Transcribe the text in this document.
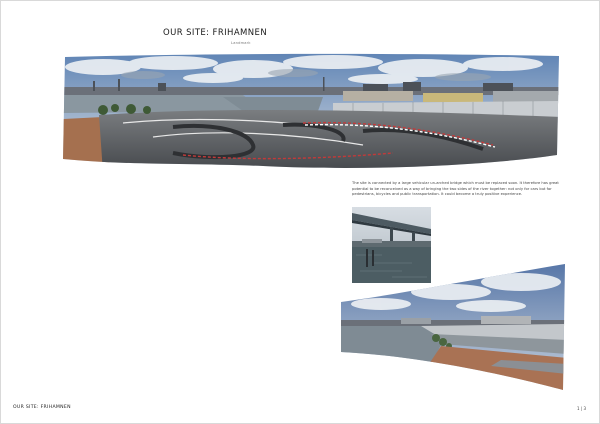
OUR SITE: FRIHAMNEN
Landmark
The site is connected by a large vehicular un-arched bridge which must be replaced soon. It therefore has great potential to be reconceived as a way of bringing the two sides of the river together: not only for cars but for pedestrians, bicycles and public transportation. It could become a truly positive experience.
OUR SITE: FRIHAMNEN	1 | 3
